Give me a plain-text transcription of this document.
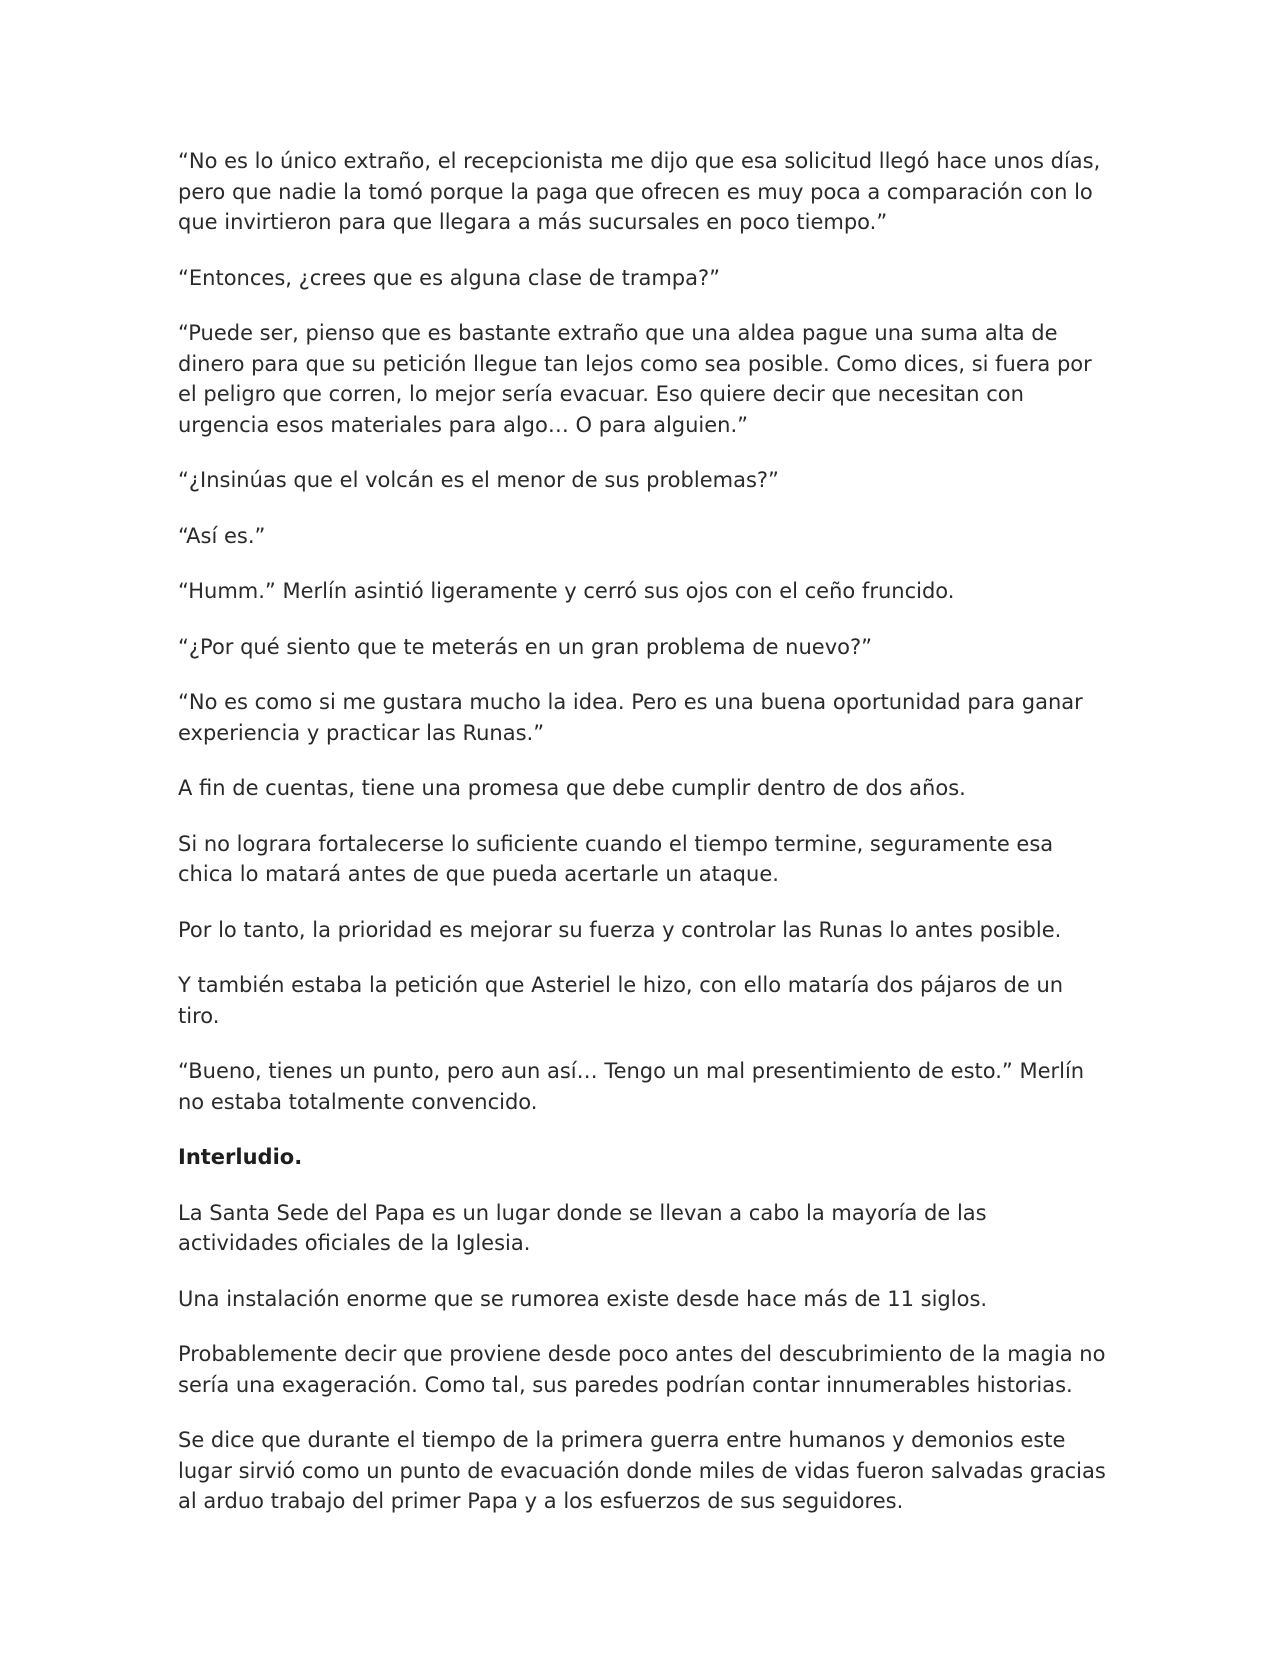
“No es lo único extraño, el recepcionista me dijo que esa solicitud llegó hace unos días, pero que nadie la tomó porque la paga que ofrecen es muy poca a comparación con lo que invirtieron para que llegara a más sucursales en poco tiempo.”

“Entonces, ¿crees que es alguna clase de trampa?”

“Puede ser, pienso que es bastante extraño que una aldea pague una suma alta de dinero para que su petición llegue tan lejos como sea posible. Como dices, si fuera por el peligro que corren, lo mejor sería evacuar. Eso quiere decir que necesitan con urgencia esos materiales para algo… O para alguien.”

“¿Insinúas que el volcán es el menor de sus problemas?”

“Así es.”

“Humm.” Merlín asintió ligeramente y cerró sus ojos con el ceño fruncido.

“¿Por qué siento que te meterás en un gran problema de nuevo?”

“No es como si me gustara mucho la idea. Pero es una buena oportunidad para ganar experiencia y practicar las Runas.”

A fin de cuentas, tiene una promesa que debe cumplir dentro de dos años.

Si no lograra fortalecerse lo suficiente cuando el tiempo termine, seguramente esa chica lo matará antes de que pueda acertarle un ataque.

Por lo tanto, la prioridad es mejorar su fuerza y controlar las Runas lo antes posible.

Y también estaba la petición que Asteriel le hizo, con ello mataría dos pájaros de un tiro.

“Bueno, tienes un punto, pero aun así… Tengo un mal presentimiento de esto.” Merlín no estaba totalmente convencido.

Interludio.

La Santa Sede del Papa es un lugar donde se llevan a cabo la mayoría de las actividades oficiales de la Iglesia.

Una instalación enorme que se rumorea existe desde hace más de 11 siglos.

Probablemente decir que proviene desde poco antes del descubrimiento de la magia no sería una exageración. Como tal, sus paredes podrían contar innumerables historias.

Se dice que durante el tiempo de la primera guerra entre humanos y demonios este lugar sirvió como un punto de evacuación donde miles de vidas fueron salvadas gracias al arduo trabajo del primer Papa y a los esfuerzos de sus seguidores.
